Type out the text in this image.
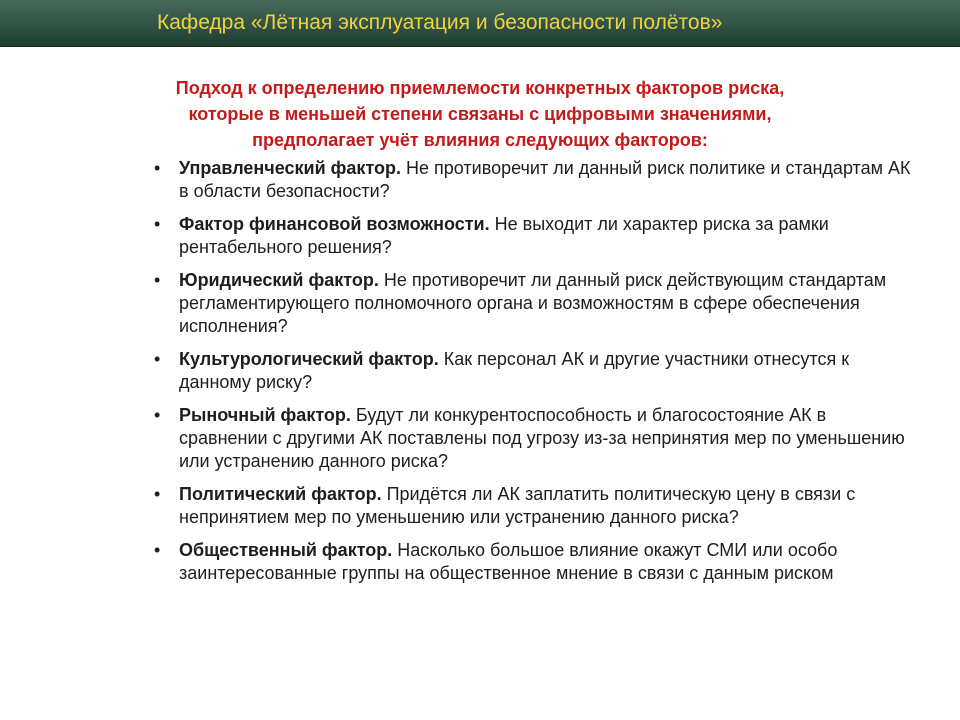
Кафедра «Лётная эксплуатация и безопасности полётов»
Подход к определению приемлемости конкретных факторов риска,
которые в меньшей степени связаны с цифровыми значениями,
предполагает учёт влияния следующих факторов:
• Управленческий фактор. Не противоречит ли данный риск политике и стандартам АК в области безопасности?
• Фактор финансовой возможности. Не выходит ли характер риска за рамки рентабельного решения?
• Юридический фактор. Не противоречит ли данный риск действующим стандартам регламентирующего полномочного органа и возможностям в сфере обеспечения исполнения?
• Культурологический фактор. Как персонал АК и другие участники отнесутся к данному риску?
• Рыночный фактор. Будут ли конкурентоспособность и благосостояние АК в сравнении с другими АК поставлены под угрозу из-за непринятия мер по уменьшению или устранению данного риска?
• Политический фактор. Придётся ли АК заплатить политическую цену в связи с непринятием мер по уменьшению или устранению данного риска?
• Общественный фактор. Насколько большое влияние окажут СМИ или особо заинтересованные группы на общественное мнение в связи с данным риском
